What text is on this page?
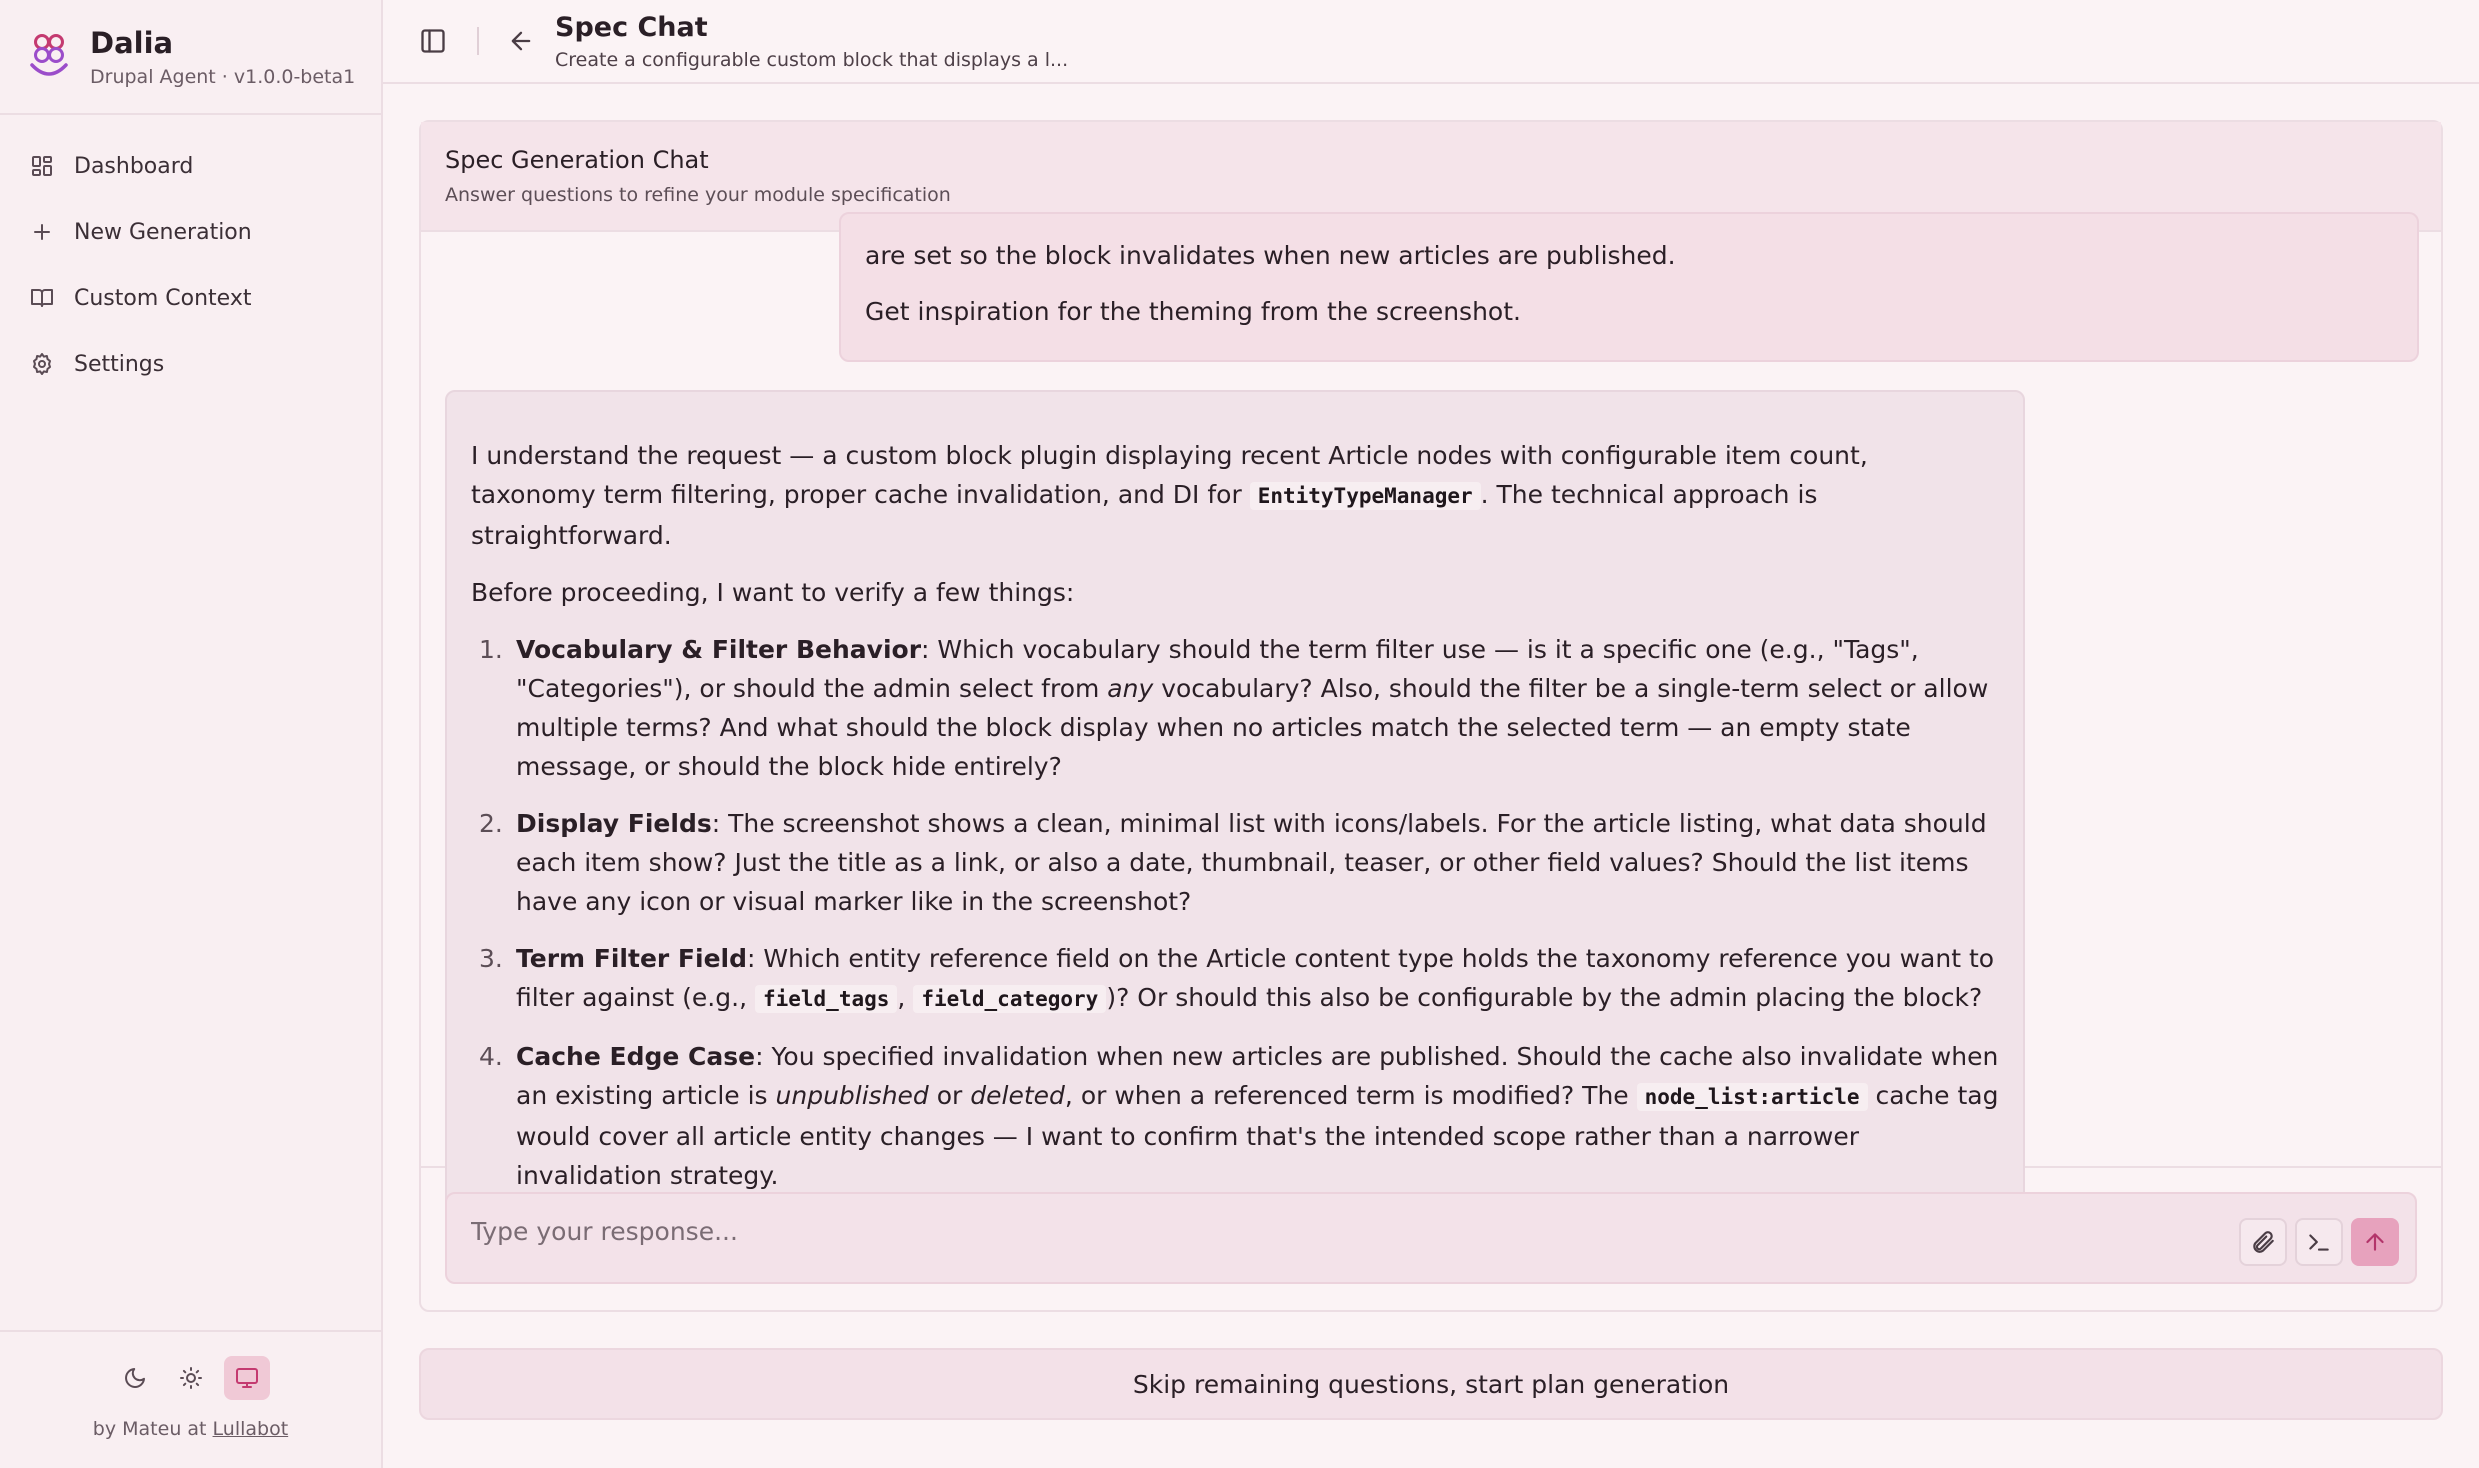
Dalia
Drupal Agent · v1.0.0-beta1
Dashboard
New Generation
Custom Context
Settings
by Mateu at Lullabot
Spec Chat
Create a configurable custom block that displays a l...
Spec Generation Chat
Answer questions to refine your module specification

are set so the block invalidates when new articles are published.

Get inspiration for the theming from the screenshot.

I understand the request — a custom block plugin displaying recent Article nodes with configurable item count, taxonomy term filtering, proper cache invalidation, and DI for EntityTypeManager . The technical approach is straightforward.

Before proceeding, I want to verify a few things:

1. Vocabulary & Filter Behavior: Which vocabulary should the term filter use — is it a specific one (e.g., "Tags", "Categories"), or should the admin select from any vocabulary? Also, should the filter be a single-term select or allow multiple terms? And what should the block display when no articles match the selected term — an empty state message, or should the block hide entirely?
2. Display Fields: The screenshot shows a clean, minimal list with icons/labels. For the article listing, what data should each item show? Just the title as a link, or also a date, thumbnail, teaser, or other field values? Should the list items have any icon or visual marker like in the screenshot?
3. Term Filter Field: Which entity reference field on the Article content type holds the taxonomy reference you want to filter against (e.g., field_tags , field_category )? Or should this also be configurable by the admin placing the block?
4. Cache Edge Case: You specified invalidation when new articles are published. Should the cache also invalidate when an existing article is unpublished or deleted, or when a referenced term is modified? The node_list:article cache tag would cover all article entity changes — I want to confirm that's the intended scope rather than a narrower invalidation strategy.
Type your response...
Skip remaining questions, start plan generation
